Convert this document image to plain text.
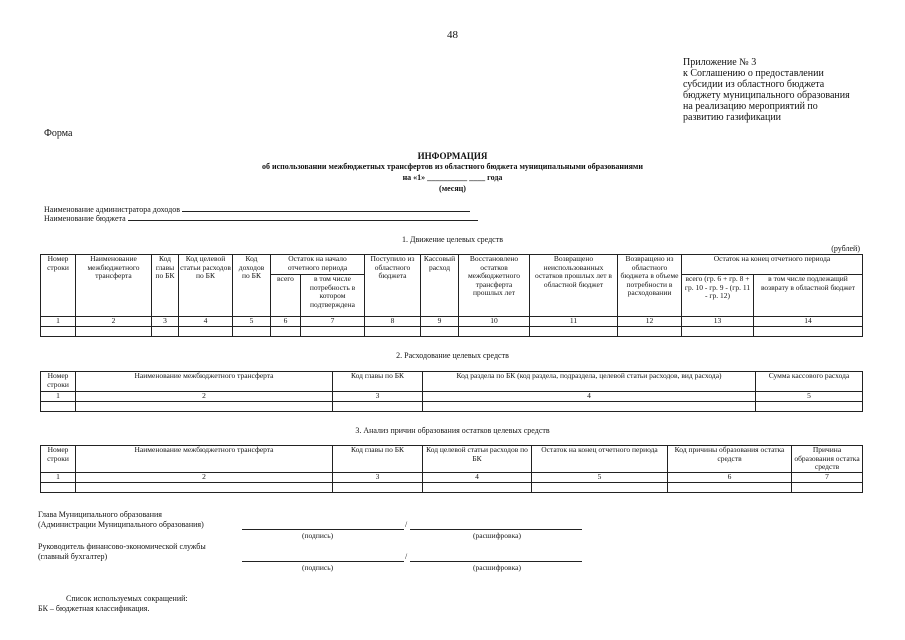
48
Приложение № 3
к Соглашению о предоставлении
субсидии из областного бюджета
бюджету муниципального образования
на реализацию мероприятий по
развитию газификации
Форма
ИНФОРМАЦИЯ
об использовании межбюджетных трансфертов из областного бюджета муниципальными образованиями
на «1» __________ ____ года
(месяц)
Наименование администратора доходов
Наименование бюджета
1. Движение целевых средств
(рублей)
Номер строки	Наименование межбюджетного трансферта	Код главы по БК	Код целевой статьи расходов по БК	Код доходов по БК	Остаток на начало отчетного периода		Поступило из областного бюджета	Кассовый расход	Восстановлено остатков межбюджетного трансферта прошлых лет	Возвращено неиспользованных остатков прошлых лет в областной бюджет	Возвращено из областного бюджета в объеме потребности в расходовании	Остаток на конец отчетного периода	
					всего	в том числе потребность в котором подтверждена						всего (гр. 6 + гр. 8 + гр. 10 - гр. 9 - (гр. 11 - гр. 12)	в том числе подлежащий возврату в областной бюджет
1	2	3	4	5	6	7	8	9	10	11	12	13	14

2. Расходование целевых средств
Номер строки	Наименование межбюджетного трансферта	Код главы по БК	Код раздела по БК (код раздела, подраздела, целевой статьи расходов, вид расхода)	Сумма кассового расхода
1	2	3	4	5

3. Анализ причин образования остатков целевых средств
Номер строки	Наименование межбюджетного трансферта	Код главы по БК	Код целевой статьи расходов по БК	Остаток на конец отчетного периода	Код причины образования остатка средств	Причина образования остатка средств
1	2	3	4	5	6	7

Глава Муниципального образования
(Администрации Муниципального образования)	/
(подпись)	(расшифровка)
Руководитель финансово-экономической службы
(главный бухгалтер)	/
(подпись)	(расшифровка)
Список используемых сокращений:
БК – бюджетная классификация.
